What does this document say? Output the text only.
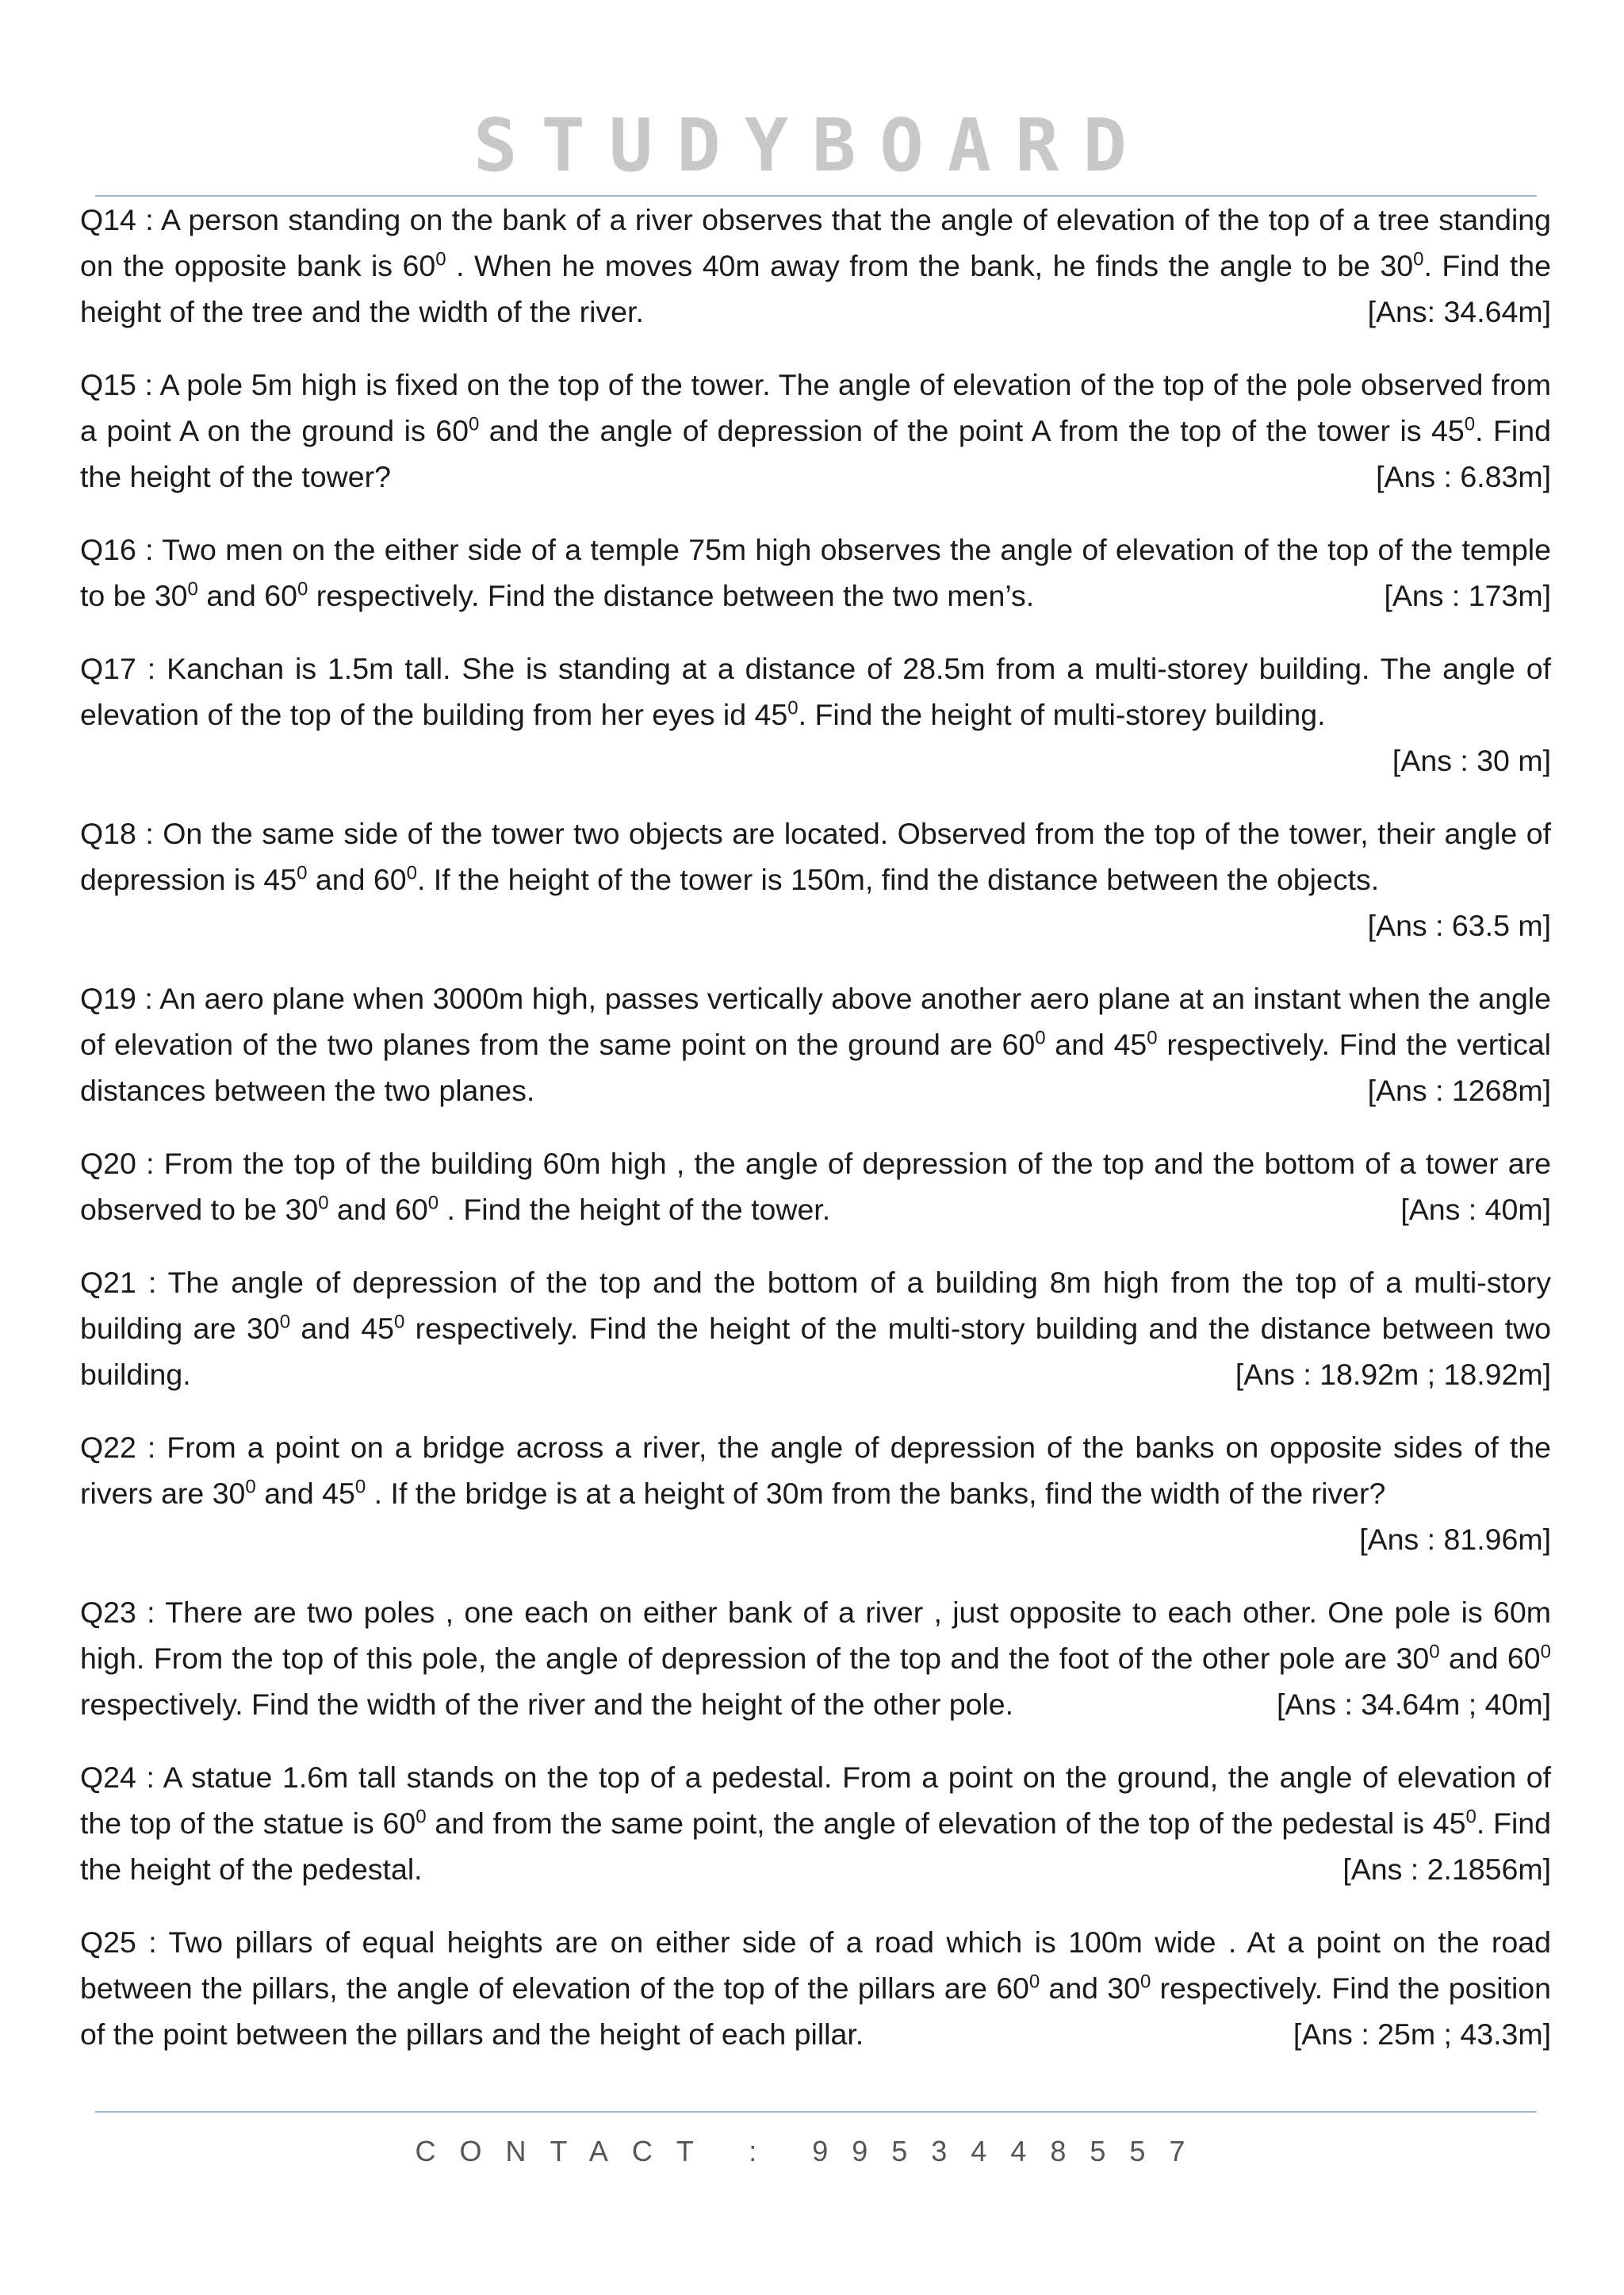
STUDYBOARD
Q14 : A person standing on the bank of a river observes that the angle of elevation of the top of a tree standing on the opposite bank is $60^0$ . When he moves 40m away from the bank, he finds the angle to be $30^0$. Find the height of the tree and the width of the river.	[Ans: 34.64m]
Q15 : A pole 5m high is fixed on the top of the tower. The angle of elevation of the top of the pole observed from a point A on the ground is $60^0$ and the angle of depression of the point A from the top of the tower is $45^0$. Find the height of the tower?	[Ans : 6.83m]
Q16 : Two men on the either side of a temple 75m high observes the angle of elevation of the top of the temple to be $30^0$ and $60^0$ respectively. Find the distance between the two men’s.	[Ans : 173m]
Q17 : Kanchan is 1.5m tall. She is standing at a distance of 28.5m from a multi-storey building. The angle of elevation of the top of the building from her eyes id $45^0$. Find the height of multi-storey building.
[Ans : 30 m]
Q18 : On the same side of the tower two objects are located. Observed from the top of the tower, their angle of depression is $45^0$ and $60^0$. If the height of the tower is 150m, find the distance between the objects.
[Ans : 63.5 m]
Q19 : An aero plane when 3000m high, passes vertically above another aero plane at an instant when the angle of elevation of the two planes from the same point on the ground are $60^0$ and $45^0$ respectively. Find the vertical distances between the two planes.	[Ans : 1268m]
Q20 : From the top of the building 60m high , the angle of depression of the top and the bottom of a tower are observed to be $30^0$ and $60^0$ . Find the height of the tower.	[Ans : 40m]
Q21 : The angle of depression of the top and the bottom of a building 8m high from the top of a multi-story building are $30^0$ and $45^0$ respectively. Find the height of the multi-story building and the distance between two building.	[Ans : 18.92m ; 18.92m]
Q22 : From a point on a bridge across a river, the angle of depression of the banks on opposite sides of the rivers are $30^0$ and $45^0$ . If the bridge is at a height of 30m from the banks, find the width of the river?
[Ans : 81.96m]
Q23 : There are two poles , one each on either bank of a river , just opposite to each other. One pole is 60m high. From the top of this pole, the angle of depression of the top and the foot of the other pole are $30^0$ and $60^0$ respectively. Find the width of the river and the height of the other pole.	[Ans : 34.64m ; 40m]
Q24 : A statue 1.6m tall stands on the top of a pedestal. From a point on the ground, the angle of elevation of the top of the statue is $60^0$ and from the same point, the angle of elevation of the top of the pedestal is $45^0$. Find the height of the pedestal.	[Ans : 2.1856m]
Q25 : Two pillars of equal heights are on either side of a road which is 100m wide . At a point on the road between the pillars, the angle of elevation of the top of the pillars are $60^0$ and $30^0$ respectively. Find the position of the point between the pillars and the height of each pillar.	[Ans : 25m ; 43.3m]
CONTACT : 9953448557
